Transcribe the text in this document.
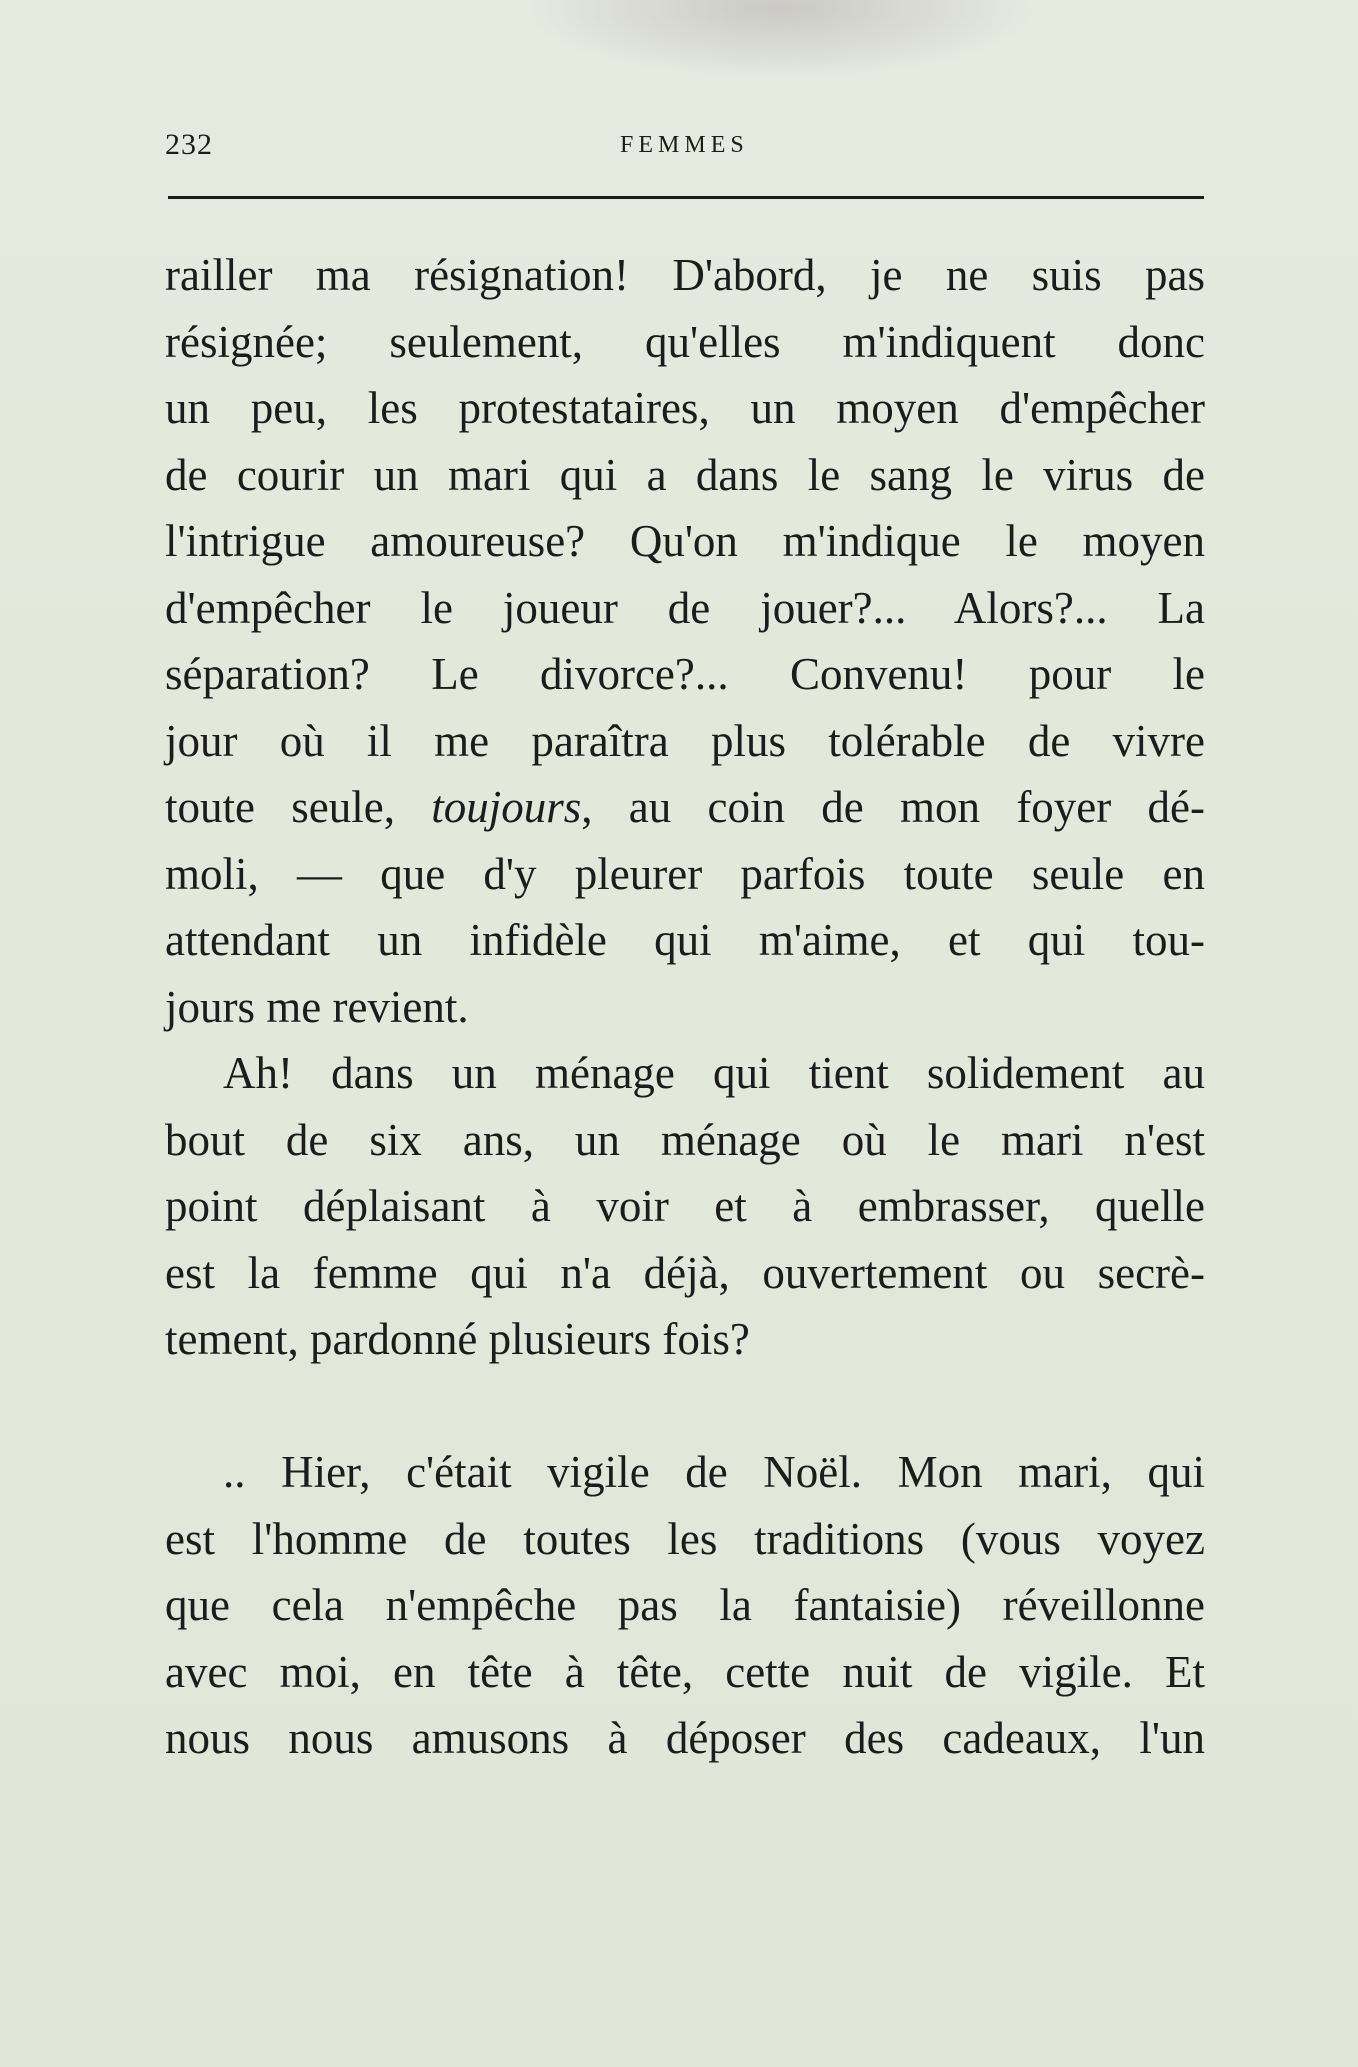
232	FEMMES
railler ma résignation! D'abord, je ne suis pas
résignée; seulement, qu'elles m'indiquent donc
un peu, les protestataires, un moyen d'empêcher
de courir un mari qui a dans le sang le virus de
l'intrigue amoureuse? Qu'on m'indique le moyen
d'empêcher le joueur de jouer?... Alors?... La
séparation? Le divorce?... Convenu! pour le
jour où il me paraîtra plus tolérable de vivre
toute seule, toujours, au coin de mon foyer dé-
moli, — que d'y pleurer parfois toute seule en
attendant un infidèle qui m'aime, et qui tou-
jours me revient.
Ah! dans un ménage qui tient solidement au
bout de six ans, un ménage où le mari n'est
point déplaisant à voir et à embrasser, quelle
est la femme qui n'a déjà, ouvertement ou secrè-
tement, pardonné plusieurs fois?
.. Hier, c'était vigile de Noël. Mon mari, qui
est l'homme de toutes les traditions (vous voyez
que cela n'empêche pas la fantaisie) réveillonne
avec moi, en tête à tête, cette nuit de vigile. Et
nous nous amusons à déposer des cadeaux, l'un
